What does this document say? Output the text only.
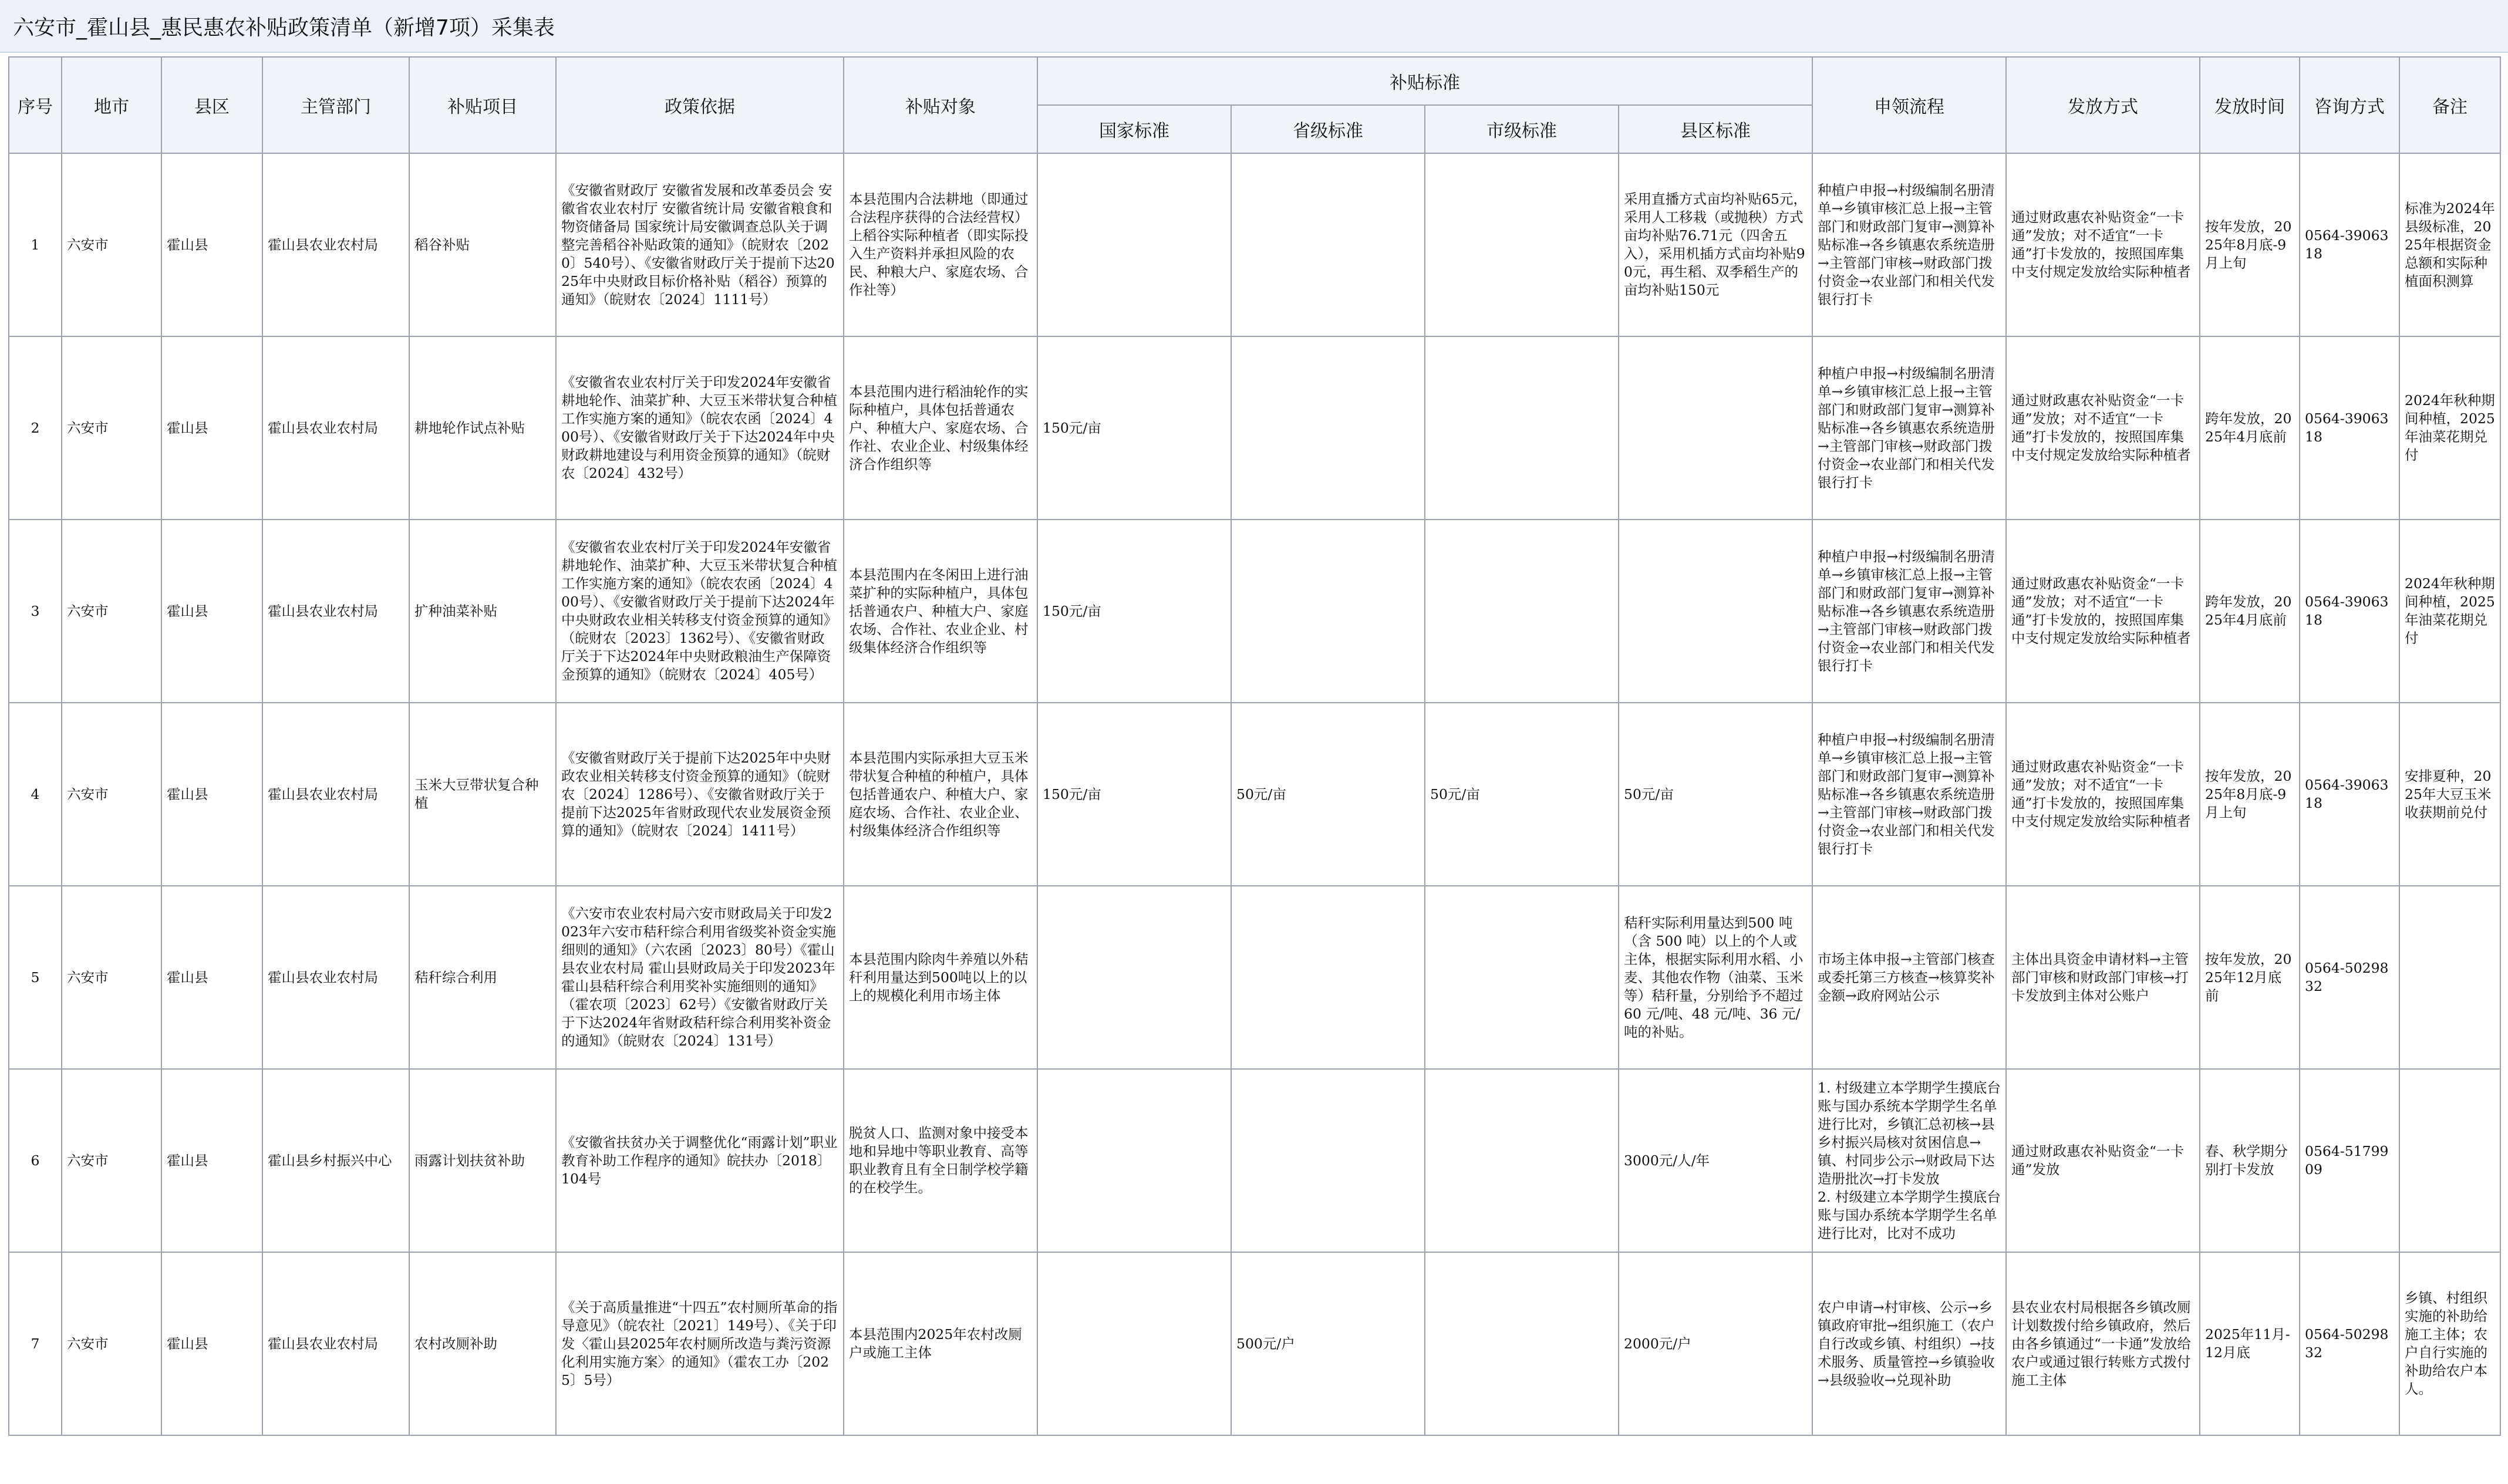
六安市_霍山县_惠民惠农补贴政策清单（新增7项）采集表
序号	地市	县区	主管部门	补贴项目	政策依据	补贴对象	补贴标准				申领流程	发放方式	发放时间	咨询方式	备注
							国家标准	省级标准	市级标准	县区标准					

1	六安市	霍山县	霍山县农业农村局	稻谷补贴	《安徽省财政厅 安徽省发展和改革委员会 安徽省农业农村厅 安徽省统计局 安徽省粮食和物资储备局 国家统计局安徽调查总队关于调整完善稻谷补贴政策的通知》（皖财农〔2020〕540号）、《安徽省财政厅关于提前下达2025年中央财政目标价格补贴（稻谷）预算的通知》（皖财农〔2024〕1111号）	本县范围内合法耕地（即通过合法程序获得的合法经营权）上稻谷实际种植者（即实际投入生产资料并承担风险的农民、种粮大户、家庭农场、合作社等）				采用直播方式亩均补贴65元，采用人工移栽（或抛秧）方式亩均补贴76.71元（四舍五入），采用机插方式亩均补贴90元，再生稻、双季稻生产的亩均补贴150元	种植户申报→村级编制名册清单→乡镇审核汇总上报→主管部门和财政部门复审→测算补贴标准→各乡镇惠农系统造册→主管部门审核→财政部门拨付资金→农业部门和相关代发银行打卡	通过财政惠农补贴资金“一卡通”发放；对不适宜“一卡通”打卡发放的，按照国库集中支付规定发放给实际种植者	按年发放，2025年8月底-9月上旬	0564-3906318	标准为2024年县级标准，2025年根据资金总额和实际种植面积测算

2	六安市	霍山县	霍山县农业农村局	耕地轮作试点补贴	《安徽省农业农村厅关于印发2024年安徽省耕地轮作、油菜扩种、大豆玉米带状复合种植工作实施方案的通知》（皖农农函〔2024〕400号）、《安徽省财政厅关于下达2024年中央财政耕地建设与利用资金预算的通知》（皖财农〔2024〕432号）	本县范围内进行稻油轮作的实际种植户，具体包括普通农户、种植大户、家庭农场、合作社、农业企业、村级集体经济合作组织等	150元/亩				种植户申报→村级编制名册清单→乡镇审核汇总上报→主管部门和财政部门复审→测算补贴标准→各乡镇惠农系统造册→主管部门审核→财政部门拨付资金→农业部门和相关代发银行打卡	通过财政惠农补贴资金“一卡通”发放；对不适宜“一卡通”打卡发放的，按照国库集中支付规定发放给实际种植者	跨年发放，2025年4月底前	0564-3906318	2024年秋种期间种植，2025年油菜花期兑付

3	六安市	霍山县	霍山县农业农村局	扩种油菜补贴	《安徽省农业农村厅关于印发2024年安徽省耕地轮作、油菜扩种、大豆玉米带状复合种植工作实施方案的通知》（皖农农函〔2024〕400号）、《安徽省财政厅关于提前下达2024年中央财政农业相关转移支付资金预算的通知》（皖财农〔2023〕1362号）、《安徽省财政厅关于下达2024年中央财政粮油生产保障资金预算的通知》（皖财农〔2024〕405号）	本县范围内在冬闲田上进行油菜扩种的实际种植户，具体包括普通农户、种植大户、家庭农场、合作社、农业企业、村级集体经济合作组织等	150元/亩				种植户申报→村级编制名册清单→乡镇审核汇总上报→主管部门和财政部门复审→测算补贴标准→各乡镇惠农系统造册→主管部门审核→财政部门拨付资金→农业部门和相关代发银行打卡	通过财政惠农补贴资金“一卡通”发放；对不适宜“一卡通”打卡发放的，按照国库集中支付规定发放给实际种植者	跨年发放，2025年4月底前	0564-3906318	2024年秋种期间种植，2025年油菜花期兑付

4	六安市	霍山县	霍山县农业农村局	玉米大豆带状复合种植	《安徽省财政厅关于提前下达2025年中央财政农业相关转移支付资金预算的通知》（皖财农〔2024〕1286号）、《安徽省财政厅关于提前下达2025年省财政现代农业发展资金预算的通知》（皖财农〔2024〕1411号）	本县范围内实际承担大豆玉米带状复合种植的种植户，具体包括普通农户、种植大户、家庭农场、合作社、农业企业、村级集体经济合作组织等	150元/亩	50元/亩	50元/亩	50元/亩	种植户申报→村级编制名册清单→乡镇审核汇总上报→主管部门和财政部门复审→测算补贴标准→各乡镇惠农系统造册→主管部门审核→财政部门拨付资金→农业部门和相关代发银行打卡	通过财政惠农补贴资金“一卡通”发放；对不适宜“一卡通”打卡发放的，按照国库集中支付规定发放给实际种植者	按年发放，2025年8月底-9月上旬	0564-3906318	安排夏种，2025年大豆玉米收获期前兑付

5	六安市	霍山县	霍山县农业农村局	秸秆综合利用	《六安市农业农村局六安市财政局关于印发2023年六安市秸秆综合利用省级奖补资金实施细则的通知》（六农函〔2023〕80号）《霍山县农业农村局 霍山县财政局关于印发2023年霍山县秸秆综合利用奖补实施细则的通知》（霍农项〔2023〕62号）《安徽省财政厅关于下达2024年省财政秸秆综合利用奖补资金的通知》（皖财农〔2024〕131号）	本县范围内除肉牛养殖以外秸秆利用量达到500吨以上的以上的规模化利用市场主体				秸秆实际利用量达到500 吨（含 500 吨）以上的个人或主体，根据实际利用水稻、小麦、其他农作物（油菜、玉米等）秸秆量，分别给予不超过 60 元/吨、48 元/吨、36 元/吨的补贴。	市场主体申报→主管部门核查或委托第三方核查→核算奖补金额→政府网站公示	主体出具资金申请材料→主管部门审核和财政部门审核→打卡发放到主体对公账户	按年发放，2025年12月底前	0564-5029832	

6	六安市	霍山县	霍山县乡村振兴中心	雨露计划扶贫补助	《安徽省扶贫办关于调整优化“雨露计划”职业教育补助工作程序的通知》皖扶办〔2018〕104号	脱贫人口、监测对象中接受本地和异地中等职业教育、高等职业教育且有全日制学校学籍的在校学生。				3000元/人/年	1. 村级建立本学期学生摸底台账与国办系统本学期学生名单进行比对，乡镇汇总初核→县乡村振兴局核对贫困信息→镇、村同步公示→财政局下达造册批次→打卡发放
2. 村级建立本学期学生摸底台账与国办系统本学期学生名单进行比对，比对不成功	通过财政惠农补贴资金“一卡通”发放	春、秋学期分别打卡发放	0564-5179909	

7	六安市	霍山县	霍山县农业农村局	农村改厕补助	《关于高质量推进“十四五”农村厕所革命的指导意见》（皖农社〔2021〕149号）、《关于印发〈霍山县2025年农村厕所改造与粪污资源化利用实施方案〉的通知》（霍农工办〔2025〕5号）	本县范围内2025年农村改厕户或施工主体		500元/户		2000元/户	农户申请→村审核、公示→乡镇政府审批→组织施工（农户自行改或乡镇、村组织）→技术服务、质量管控→乡镇验收→县级验收→兑现补助	县农业农村局根据各乡镇改厕计划数拨付给乡镇政府，然后由各乡镇通过“一卡通”发放给农户或通过银行转账方式拨付施工主体	2025年11月-12月底	0564-5029832	乡镇、村组织实施的补助给施工主体；农户自行实施的补助给农户本人。
